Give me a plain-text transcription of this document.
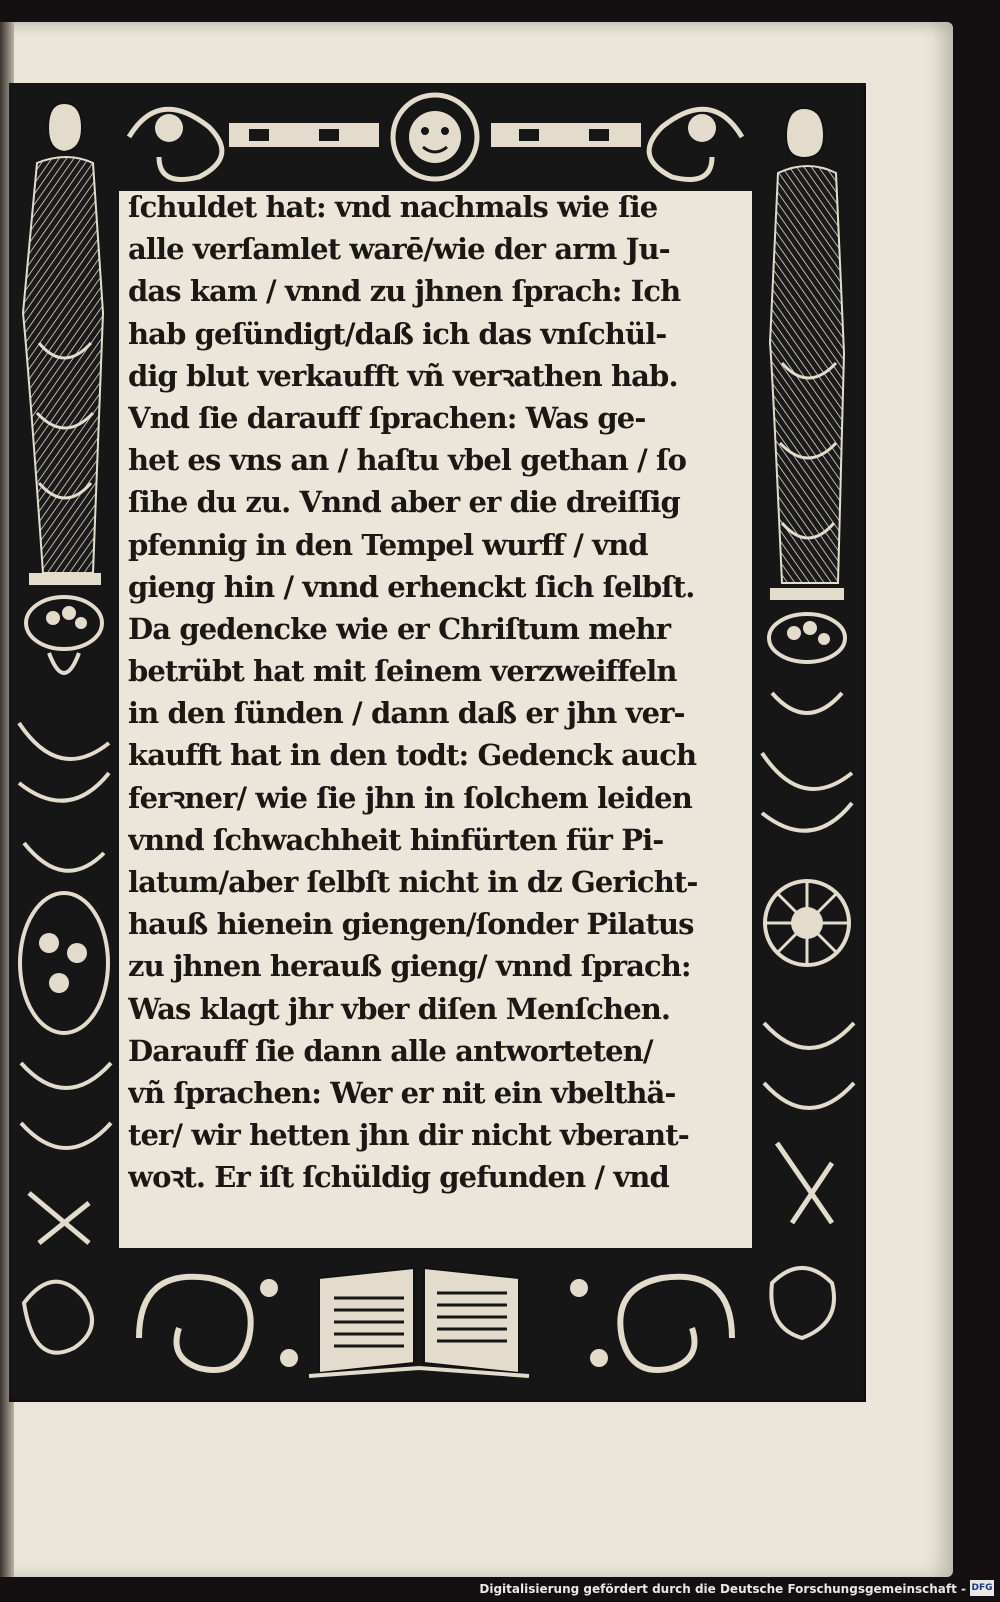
ſchuldet hat: vnd nachmals wie ſie
alle verſamlet warē/wie der arm Ju-
das kam / vnnd zu jhnen ſprach: Ich
hab geſündigt/daß ich das vnſchül-
dig blut verkaufft vñ verꝛathen hab.
Vnd ſie darauff ſprachen: Was ge-
het es vns an / haſtu vbel gethan / ſo
ſihe du zu. Vnnd aber er die dreiſſig
pfennig in den Tempel wurff / vnd
gieng hin / vnnd erhenckt ſich ſelbſt.
Da gedencke wie er Chriſtum mehr
betrübt hat mit ſeinem verzweiffeln
in den ſünden / dann daß er jhn ver-
kaufft hat in den todt: Gedenck auch
ferꝛner/ wie ſie jhn in ſolchem leiden
vnnd ſchwachheit hinfürten für Pi-
latum/aber ſelbſt nicht in dz Gericht-
hauß hienein giengen/ſonder Pilatus
zu jhnen herauß gieng/ vnnd ſprach:
Was klagt jhr vber diſen Menſchen.
Darauff ſie dann alle antworteten/
vñ ſprachen: Wer er nit ein vbelthä-
ter/ wir hetten jhn dir nicht vberant-
woꝛt. Er iſt ſchüldig gefunden / vnd
Digitalisierung gefördert durch die Deutsche Forschungsgemeinschaft - DFG
